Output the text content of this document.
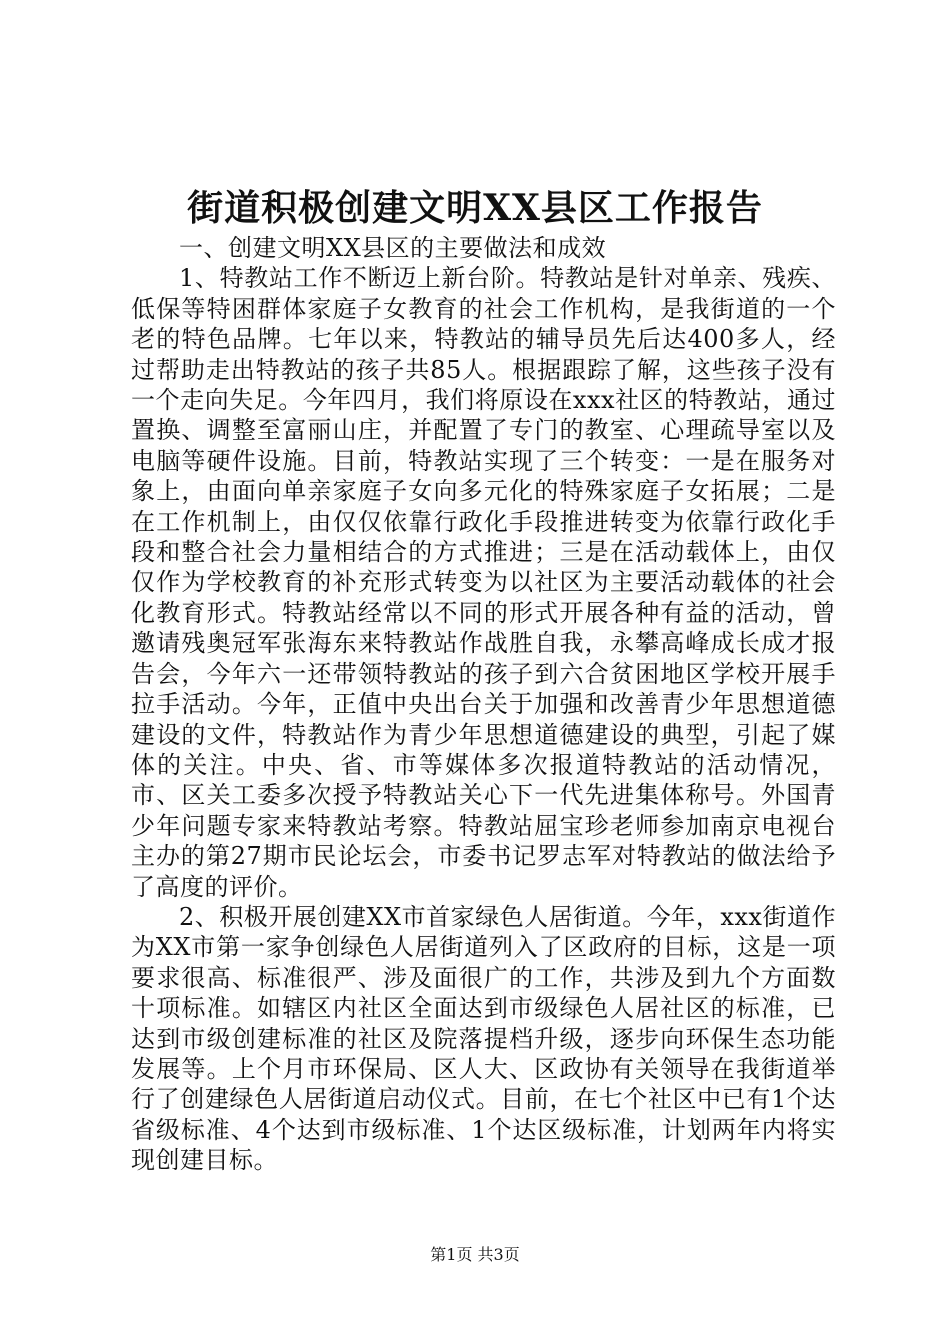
街道积极创建文明XX县区工作报告

一、创建文明XX县区的主要做法和成效

1、特教站工作不断迈上新台阶。特教站是针对单亲、残疾、低保等特困群体家庭子女教育的社会工作机构，是我街道的一个老的特色品牌。七年以来，特教站的辅导员先后达400多人，经过帮助走出特教站的孩子共85人。根据跟踪了解，这些孩子没有一个走向失足。今年四月，我们将原设在xxx社区的特教站，通过置换、调整至富丽山庄，并配置了专门的教室、心理疏导室以及电脑等硬件设施。目前，特教站实现了三个转变：一是在服务对象上，由面向单亲家庭子女向多元化的特殊家庭子女拓展；二是在工作机制上，由仅仅依靠行政化手段推进转变为依靠行政化手段和整合社会力量相结合的方式推进；三是在活动载体上，由仅仅作为学校教育的补充形式转变为以社区为主要活动载体的社会化教育形式。特教站经常以不同的形式开展各种有益的活动，曾邀请残奥冠军张海东来特教站作战胜自我，永攀高峰成长成才报告会，今年六一还带领特教站的孩子到六合贫困地区学校开展手拉手活动。今年，正值中央出台关于加强和改善青少年思想道德建设的文件，特教站作为青少年思想道德建设的典型，引起了媒体的关注。中央、省、市等媒体多次报道特教站的活动情况，市、区关工委多次授予特教站关心下一代先进集体称号。外国青少年问题专家来特教站考察。特教站屈宝珍老师参加南京电视台主办的第27期市民论坛会，市委书记罗志军对特教站的做法给予了高度的评价。

2、积极开展创建XX市首家绿色人居街道。今年，xxx街道作为XX市第一家争创绿色人居街道列入了区政府的目标，这是一项要求很高、标准很严、涉及面很广的工作，共涉及到九个方面数十项标准。如辖区内社区全面达到市级绿色人居社区的标准，已达到市级创建标准的社区及院落提档升级，逐步向环保生态功能发展等。上个月市环保局、区人大、区政协有关领导在我街道举行了创建绿色人居街道启动仪式。目前，在七个社区中已有1个达省级标准、4个达到市级标准、1个达区级标准，计划两年内将实现创建目标。

第1页 共3页
